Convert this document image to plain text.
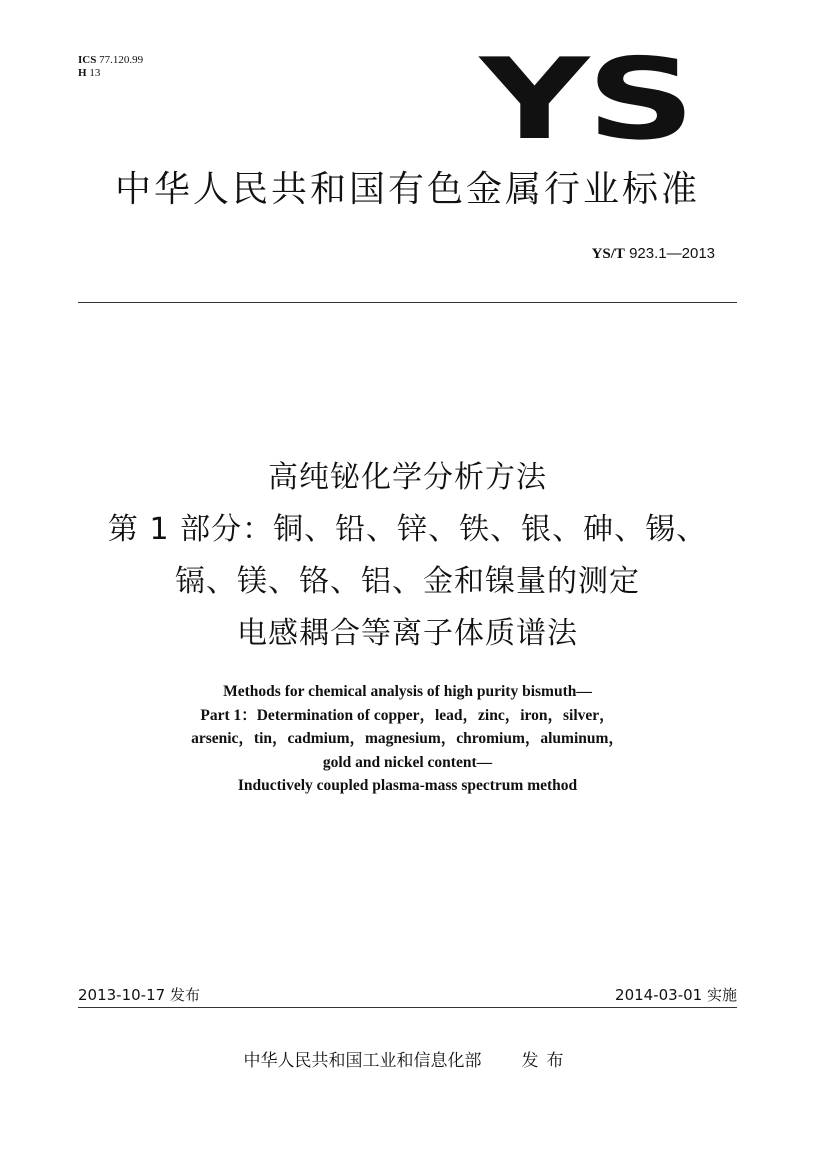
ICS 77.120.99
H 13	YS
中华人民共和国有色金属行业标准
YS/T 923.1—2013
高纯铋化学分析方法
第 1 部分：铜、铅、锌、铁、银、砷、锡、
镉、镁、铬、铝、金和镍量的测定
电感耦合等离子体质谱法
Methods for chemical analysis of high purity bismuth—
Part 1：Determination of copper，lead，zinc，iron，silver，
arsenic，tin，cadmium，magnesium，chromium，aluminum，
gold and nickel content—
Inductively coupled plasma-mass spectrum method
2013-10-17 发布	2014-03-01 实施
中华人民共和国工业和信息化部 发布
